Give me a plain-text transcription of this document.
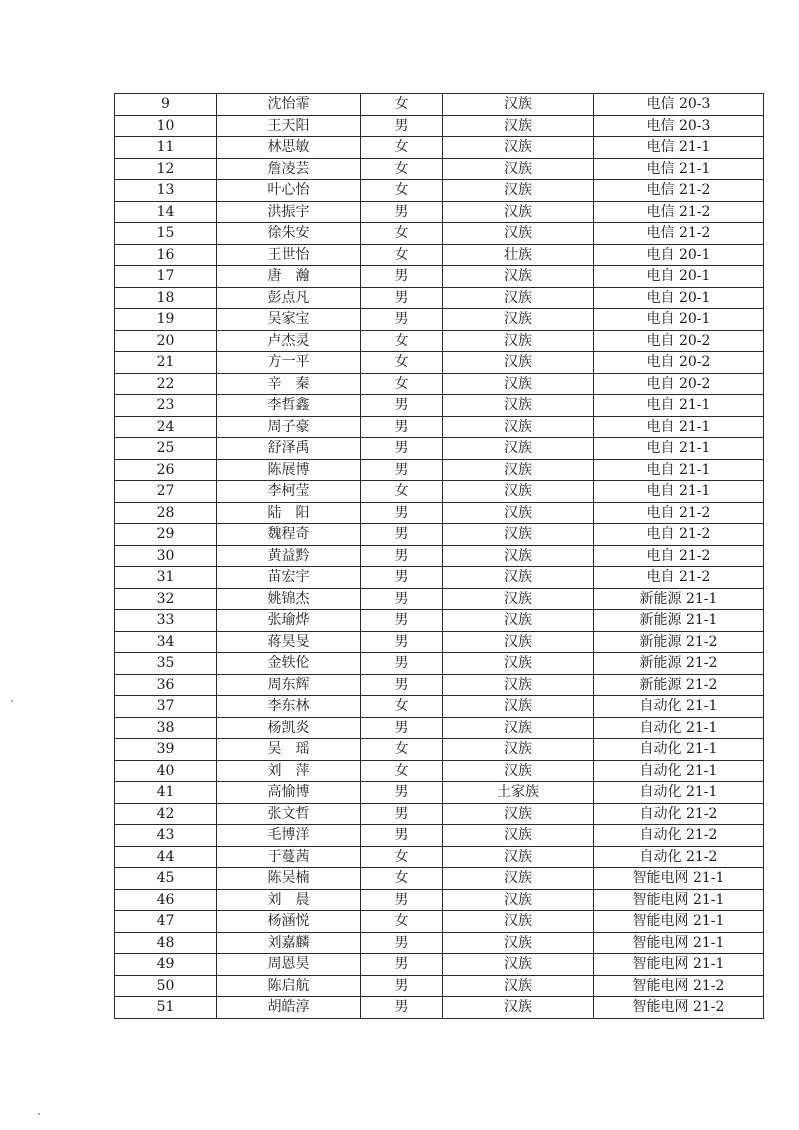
9	沈怡霏	女	汉族	电信 20-3
10	王天阳	男	汉族	电信 20-3
11	林思敏	女	汉族	电信 21-1
12	詹凌芸	女	汉族	电信 21-1
13	叶心怡	女	汉族	电信 21-2
14	洪振宇	男	汉族	电信 21-2
15	徐朱安	女	汉族	电信 21-2
16	王世怡	女	壮族	电自 20-1
17	唐　瀚	男	汉族	电自 20-1
18	彭点凡	男	汉族	电自 20-1
19	吴家宝	男	汉族	电自 20-1
20	卢杰灵	女	汉族	电自 20-2
21	方一平	女	汉族	电自 20-2
22	辛　秦	女	汉族	电自 20-2
23	李哲鑫	男	汉族	电自 21-1
24	周子豪	男	汉族	电自 21-1
25	舒泽禹	男	汉族	电自 21-1
26	陈展博	男	汉族	电自 21-1
27	李柯莹	女	汉族	电自 21-1
28	陆　阳	男	汉族	电自 21-2
29	魏程奇	男	汉族	电自 21-2
30	黄益黔	男	汉族	电自 21-2
31	苗宏宇	男	汉族	电自 21-2
32	姚锦杰	男	汉族	新能源 21-1
33	张瑜烨	男	汉族	新能源 21-1
34	蒋昊旻	男	汉族	新能源 21-2
35	金轶伦	男	汉族	新能源 21-2
36	周东辉	男	汉族	新能源 21-2
37	李东林	女	汉族	自动化 21-1
38	杨凯炎	男	汉族	自动化 21-1
39	吴　瑶	女	汉族	自动化 21-1
40	刘　萍	女	汉族	自动化 21-1
41	高愉博	男	土家族	自动化 21-1
42	张文哲	男	汉族	自动化 21-2
43	毛博洋	男	汉族	自动化 21-2
44	于蔓茜	女	汉族	自动化 21-2
45	陈吴楠	女	汉族	智能电网 21-1
46	刘　晨	男	汉族	智能电网 21-1
47	杨涵悦	女	汉族	智能电网 21-1
48	刘嘉麟	男	汉族	智能电网 21-1
49	周恩昊	男	汉族	智能电网 21-1
50	陈启航	男	汉族	智能电网 21-2
51	胡皓淳	男	汉族	智能电网 21-2
